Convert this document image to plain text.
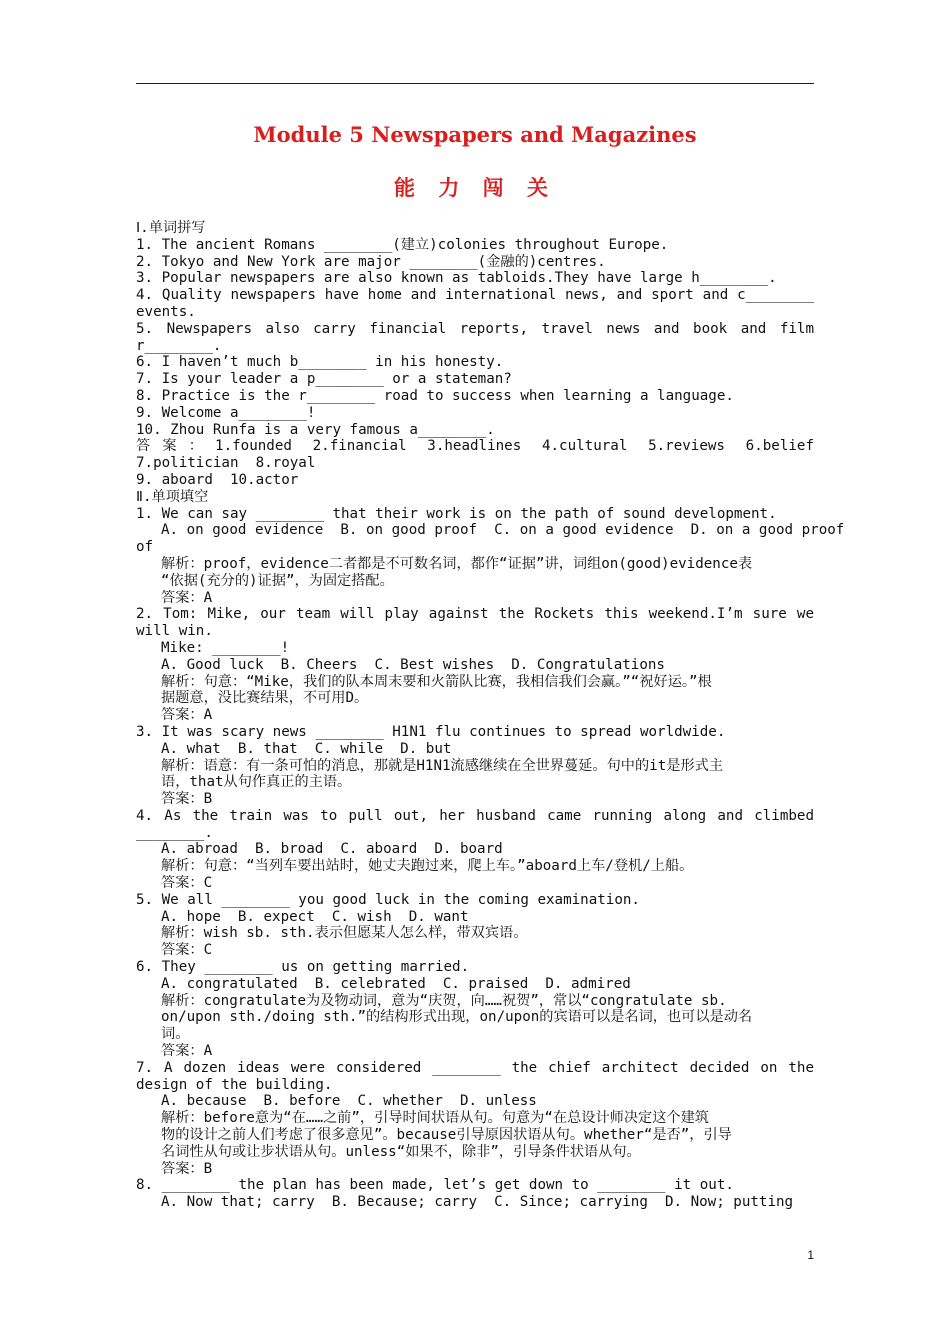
Module 5 Newspapers and Magazines
能 力 闯 关
Ⅰ.单词拼写
1. The ancient Romans ________(建立)colonies throughout Europe.
2. Tokyo and New York are major ________(金融的)centres.
3. Popular newspapers are also known as tabloids.They have large h________.
4. Quality newspapers have home and international news, and sport and c________
events.
5. Newspapers also carry financial reports, travel news and book and film
r________.
6. I haven’t much b________ in his honesty.
7. Is your leader a p________ or a stateman?
8. Practice is the r________ road to success when learning a language.
9. Welcome a________!
10. Zhou Runfa is a very famous a________.
答案：1.founded 2.financial 3.headlines 4.cultural 5.reviews 6.belief
7.politician  8.royal
9. aboard  10.actor
Ⅱ.单项填空
1. We can say ________ that their work is on the path of sound development.
A. on good evidence  B. on good proof  C. on a good evidence  D. on a good proof
of
解析：proof，evidence二者都是不可数名词，都作“证据”讲，词组on(good)evidence表
“依据(充分的)证据”，为固定搭配。
答案：A
2. Tom: Mike, our team will play against the Rockets this weekend.I’m sure we
will win.
Mike: ________!
A. Good luck  B. Cheers  C. Best wishes  D. Congratulations
解析：句意：“Mike，我们的队本周末要和火箭队比赛，我相信我们会赢。”“祝好运。”根
据题意，没比赛结果，不可用D。
答案：A
3. It was scary news ________ H1N1 flu continues to spread worldwide.
A. what  B. that  C. while  D. but
解析：语意：有一条可怕的消息，那就是H1N1流感继续在全世界蔓延。句中的it是形式主
语，that从句作真正的主语。
答案：B
4. As the train was to pull out, her husband came running along and climbed
________.
A. abroad  B. broad  C. aboard  D. board
解析：句意：“当列车要出站时，她丈夫跑过来，爬上车。”aboard上车/登机/上船。
答案：C
5. We all ________ you good luck in the coming examination.
A. hope  B. expect  C. wish  D. want
解析：wish sb. sth.表示但愿某人怎么样，带双宾语。
答案：C
6. They ________ us on getting married.
A. congratulated  B. celebrated  C. praised  D. admired
解析：congratulate为及物动词，意为“庆贺，向……祝贺”，常以“congratulate sb.
on/upon sth./doing sth.”的结构形式出现，on/upon的宾语可以是名词，也可以是动名
词。
答案：A
7. A dozen ideas were considered ________ the chief architect decided on the
design of the building.
A. because  B. before  C. whether  D. unless
解析：before意为“在……之前”，引导时间状语从句。句意为“在总设计师决定这个建筑
物的设计之前人们考虑了很多意见”。because引导原因状语从句。whether“是否”，引导
名词性从句或让步状语从句。unless“如果不，除非”，引导条件状语从句。
答案：B
8. ________ the plan has been made, let’s get down to ________ it out.
A. Now that; carry  B. Because; carry  C. Since; carrying  D. Now; putting
1
